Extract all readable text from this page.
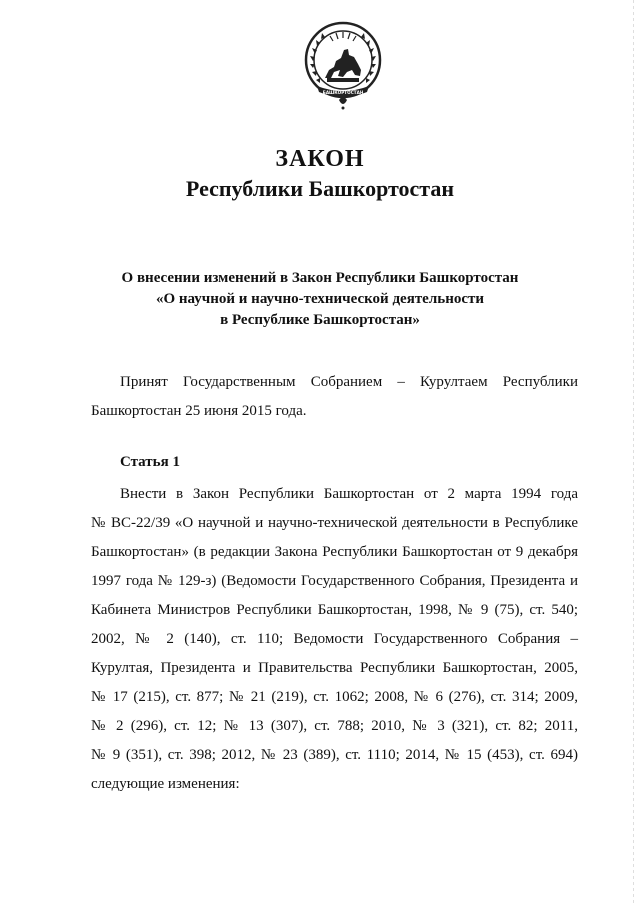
БАШКОРТОСТАН
ЗАКОН
Республики Башкортостан
О внесении изменений в Закон Республики Башкортостан
«О научной и научно-технической деятельности
в Республике Башкортостан»
Принят Государственным Собранием – Курултаем Республики
Башкортостан 25 июня 2015 года.
Статья 1
Внести в Закон Республики Башкортостан от 2 марта 1994 года
№ ВС-22/39 «О научной и научно-технической деятельности в Республике
Башкортостан» (в редакции Закона Республики Башкортостан от 9 декабря
1997 года № 129-з) (Ведомости Государственного Собрания, Президента и
Кабинета Министров Республики Башкортостан, 1998, № 9 (75), ст. 540;
2002, № 2 (140), ст. 110; Ведомости Государственного Собрания –
Курултая, Президента и Правительства Республики Башкортостан, 2005,
№ 17 (215), ст. 877; № 21 (219), ст. 1062; 2008, № 6 (276), ст. 314; 2009,
№ 2 (296), ст. 12; № 13 (307), ст. 788; 2010, № 3 (321), ст. 82; 2011,
№ 9 (351), ст. 398; 2012, № 23 (389), ст. 1110; 2014, № 15 (453), ст. 694)
следующие изменения:
